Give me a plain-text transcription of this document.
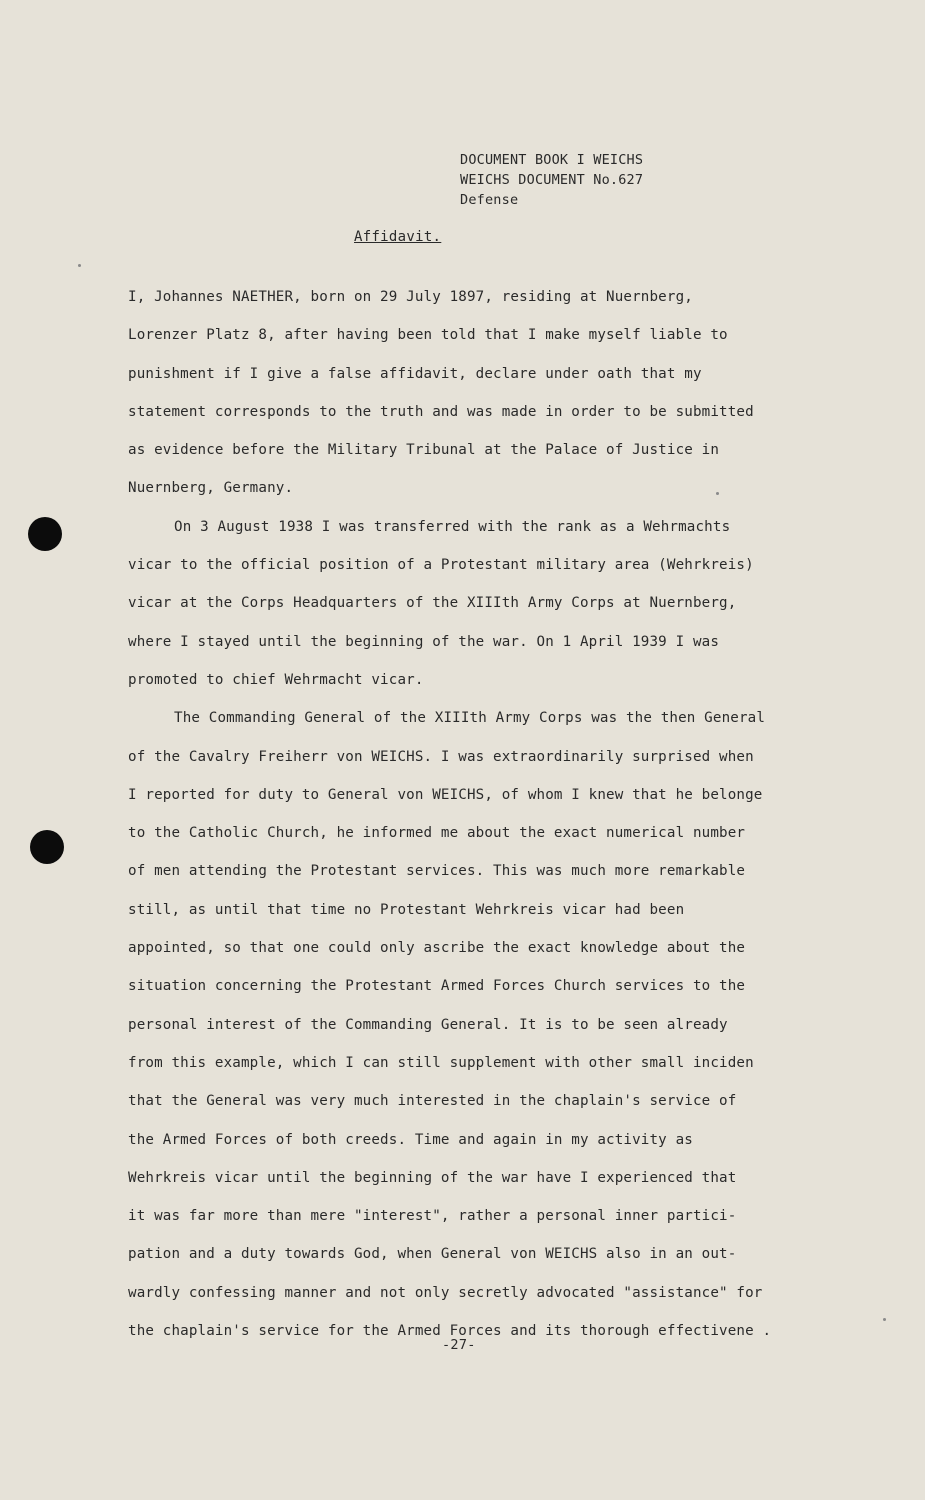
DOCUMENT BOOK I WEICHS
WEICHS DOCUMENT No.627
Defense
Affidavit.
I, Johannes NAETHER, born on 29 July 1897, residing at Nuernberg,
Lorenzer Platz 8, after having been told that I make myself liable to
punishment if I give a false affidavit, declare under oath that my
statement corresponds to the truth and was made in order to be submitted
as evidence before the Military Tribunal at the Palace of Justice in
Nuernberg, Germany.
On 3 August 1938 I was transferred with the rank as a Wehrmachts
vicar to the official position of a Protestant military area (Wehrkreis)
vicar at the Corps Headquarters of the XIIIth Army Corps at Nuernberg,
where I stayed until the beginning of the war. On 1 April 1939 I was
promoted to chief Wehrmacht vicar.
The Commanding General of the XIIIth Army Corps was the then General
of the Cavalry Freiherr von WEICHS. I was extraordinarily surprised when
I reported for duty to General von WEICHS, of whom I knew that he belonge
to the Catholic Church, he informed me about the exact numerical number
of men attending the Protestant services. This was much more remarkable
still, as until that time no Protestant Wehrkreis vicar had been
appointed, so that one could only ascribe the exact knowledge about the
situation concerning the Protestant Armed Forces Church services to the
personal interest of the Commanding General. It is to be seen already
from this example, which I can still supplement with other small inciden
that the General was very much interested in the chaplain's service of
the Armed Forces of both creeds. Time and again in my activity as
Wehrkreis vicar until the beginning of the war have I experienced that
it was far more than mere "interest", rather a personal inner partici-
pation and a duty towards God, when General von WEICHS also in an out-
wardly confessing manner and not only secretly advocated "assistance" for
the chaplain's service for the Armed Forces and its thorough effectivene .
-27-
